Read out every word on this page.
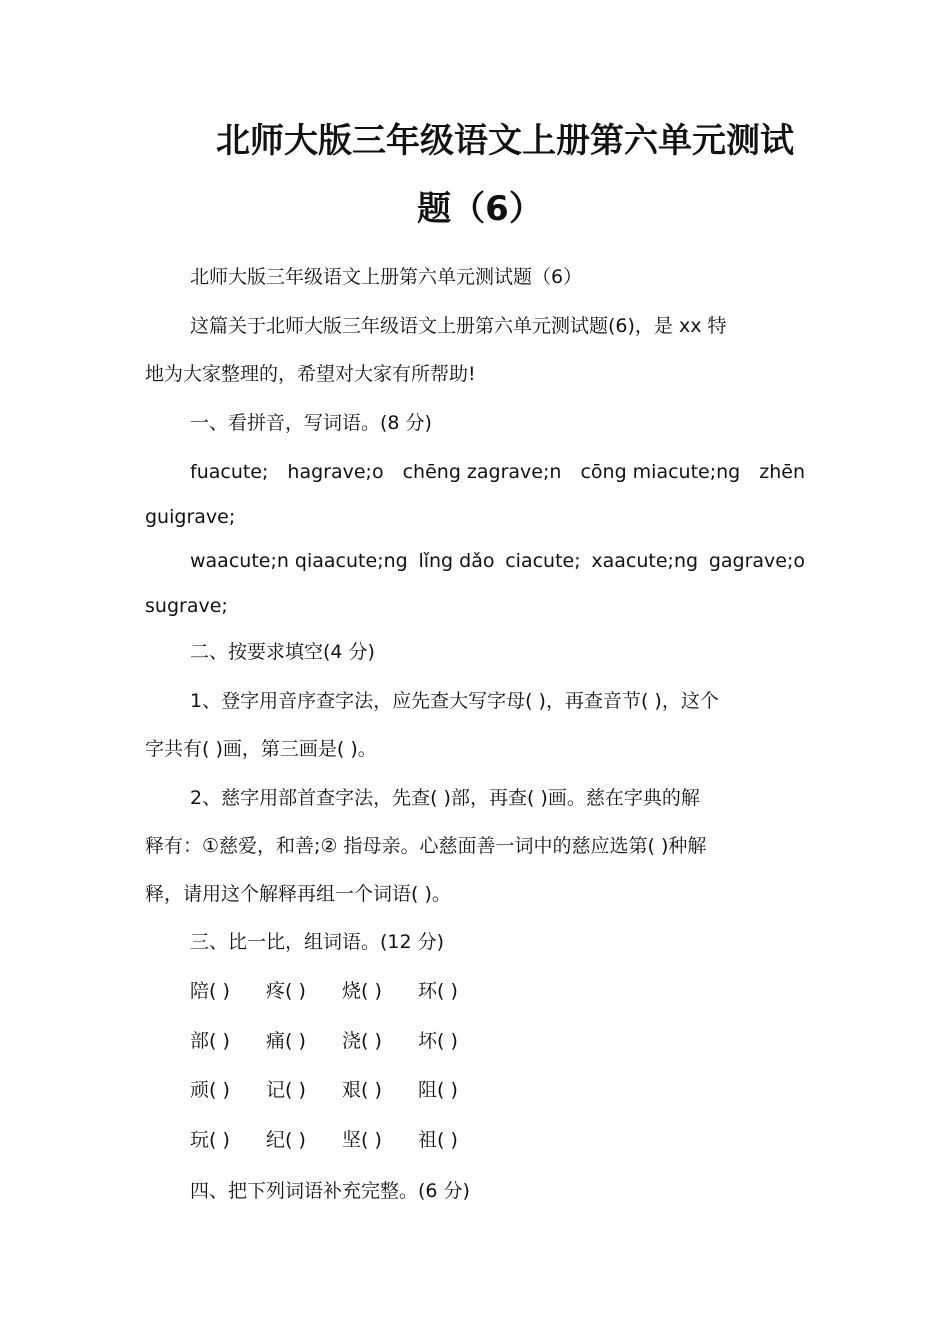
北师大版三年级语文上册第六单元测试
题（6）
北师大版三年级语文上册第六单元测试题（6）
这篇关于北师大版三年级语文上册第六单元测试题(6)，是 xx 特
地为大家整理的，希望对大家有所帮助!
一、看拼音，写词语。(8 分)
fuacute; hagrave;o chēng zagrave;n cōng miacute;ng zhēn
guigrave;
waacute;n qiaacute;ng lǐng dǎo ciacute; xaacute;ng gagrave;o
sugrave;
二、按要求填空(4 分)
1、登字用音序查字法，应先查大写字母( )，再查音节( )，这个
字共有( )画，第三画是( )。
2、慈字用部首查字法，先查( )部，再查( )画。慈在字典的解
释有：①慈爱，和善;② 指母亲。心慈面善一词中的慈应选第( )种解
释，请用这个解释再组一个词语( )。
三、比一比，组词语。(12 分)
陪( ) 疼( ) 烧( ) 环( )
部( ) 痛( ) 浇( ) 坏( )
顽( ) 记( ) 艰( ) 阻( )
玩( ) 纪( ) 坚( ) 祖( )
四、把下列词语补充完整。(6 分)
